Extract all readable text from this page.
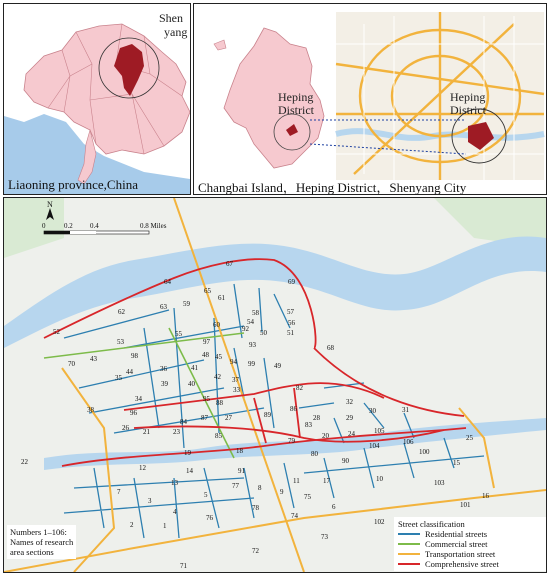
Shen
yang
Liaoning province,China
Heping
District
Heping
District
Changbai Island，Heping District，Shenyang City
67
64	69
65
61
63 59
62	58	57
56
55
60	54
52	92 50	51
53	97	93	68
70
43	98	48 45
94 99
44
35
36	41
42 37
33
49
39	40
34	95
38	96
88
82
32
31
87 27	89
86
26 21	23
84	83
28	29
30
105
85
19	18
79
20	24
104	106	25
22
100
80
90
12	14	91
17	10
15
13
7
77	8	9
11
75
103
16
5
3
4
76
78
74
6	101
102
2	1
73
72
71
N
0	0.2 0.4	0.8 Miles
Numbers 1–106:
Names of research
area sections
Street classification
Residential streets
Commercial street
Transportation street
Comprehensive street
